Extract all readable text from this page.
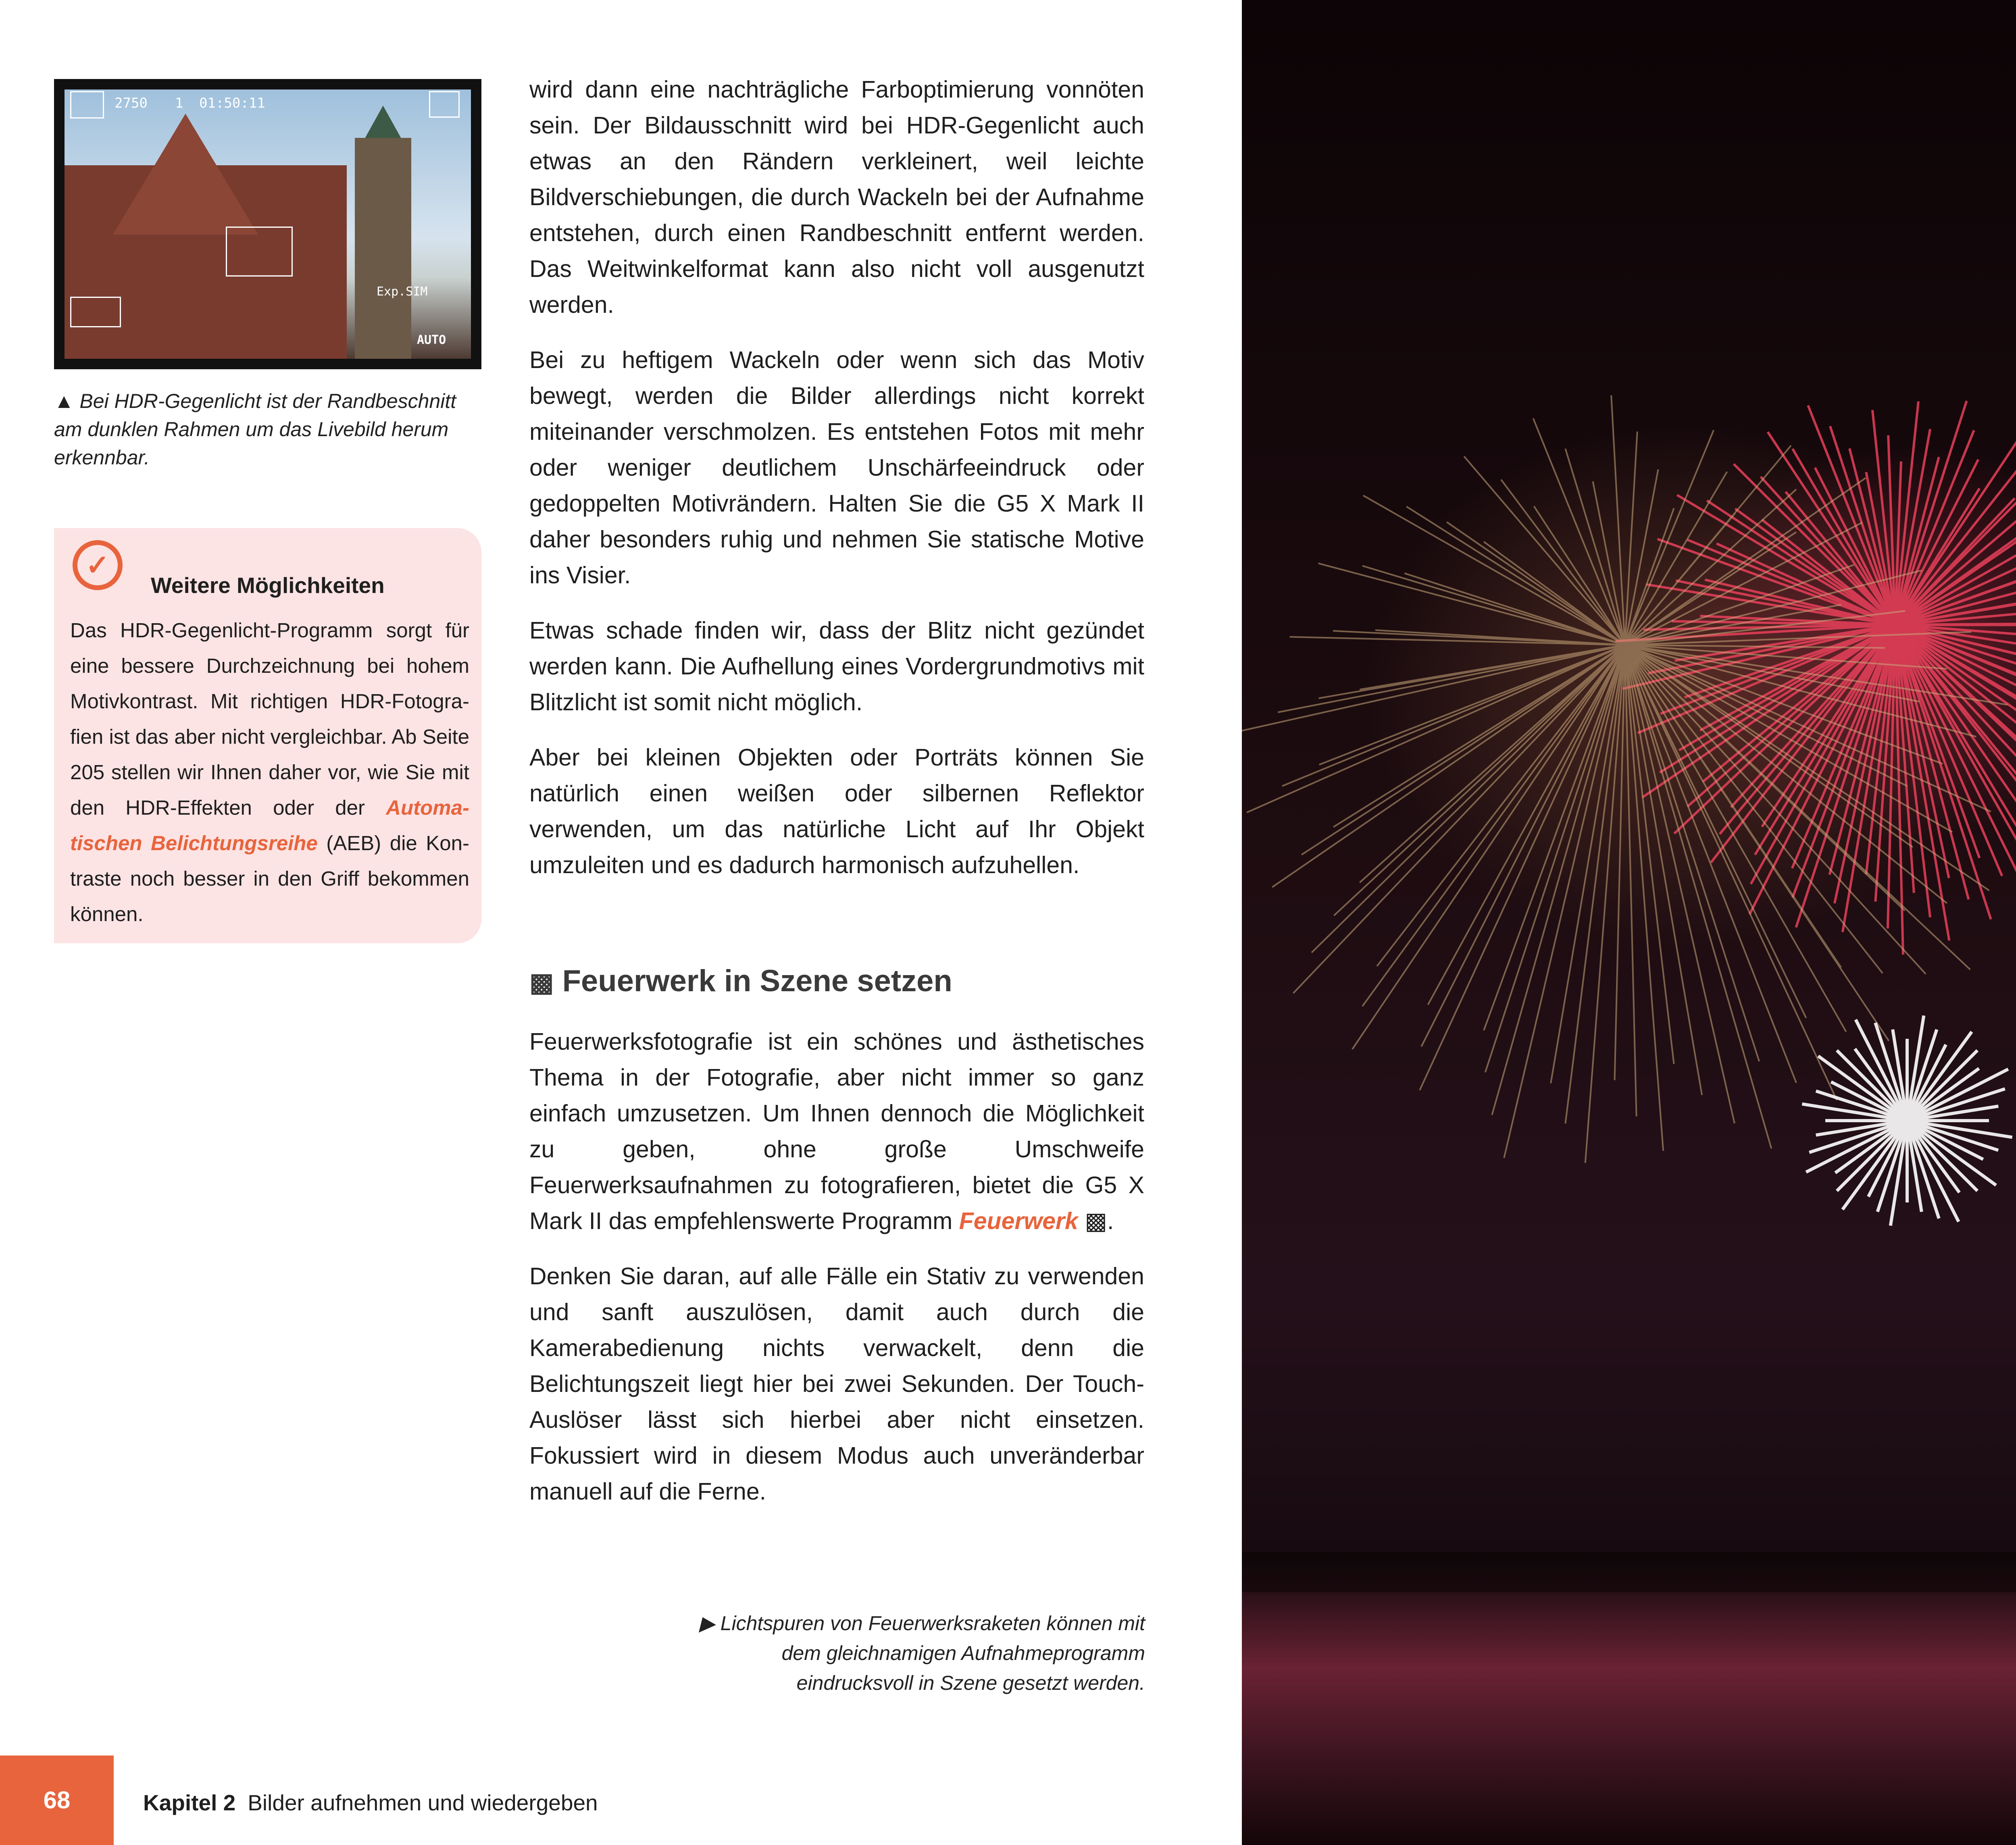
2750 1 01:50:11
Exp.SIM
AUTO
▲ Bei HDR-Gegenlicht ist der Randbeschnitt am dunklen Rahmen um das Livebild herum erkennbar.
✓
Weitere Möglichkeiten
Das HDR-Gegenlicht-Programm sorgt für eine bessere Durchzeichnung bei hohem Motivkontrast. Mit richtigen HDR-Fotografien ist das aber nicht vergleichbar. Ab Seite 205 stellen wir Ihnen daher vor, wie Sie mit den HDR-Effekten oder der Automatischen Belichtungsreihe (AEB) die Kontraste noch besser in den Griff bekommen können.

wird dann eine nachträgliche Farboptimierung vonnöten sein. Der Bildausschnitt wird bei HDR-Gegenlicht auch etwas an den Rändern verkleinert, weil leichte Bildverschiebungen, die durch Wackeln bei der Aufnahme entstehen, durch einen Randbeschnitt entfernt werden. Das Weitwinkelformat kann also nicht voll ausgenutzt werden.

Bei zu heftigem Wackeln oder wenn sich das Motiv bewegt, werden die Bilder allerdings nicht korrekt miteinander verschmolzen. Es entstehen Fotos mit mehr oder weniger deutlichem Unschärfeeindruck oder gedoppelten Motivrändern. Halten Sie die G5 X Mark II daher besonders ruhig und nehmen Sie statische Motive ins Visier.

Etwas schade finden wir, dass der Blitz nicht gezündet werden kann. Die Aufhellung eines Vordergrundmotivs mit Blitzlicht ist somit nicht möglich.

Aber bei kleinen Objekten oder Porträts können Sie natürlich einen weißen oder silbernen Reflektor verwenden, um das natürliche Licht auf Ihr Objekt umzuleiten und es dadurch harmonisch aufzuhellen.

▩ Feuerwerk in Szene setzen

Feuerwerksfotografie ist ein schönes und ästhetisches Thema in der Fotografie, aber nicht immer so ganz einfach umzusetzen. Um Ihnen dennoch die Möglichkeit zu geben, ohne große Umschweife Feuerwerksaufnahmen zu fotografieren, bietet die G5 X Mark II das empfehlenswerte Programm Feuerwerk ▩.

Denken Sie daran, auf alle Fälle ein Stativ zu verwenden und sanft auszulösen, damit auch durch die Kamerabedienung nichts verwackelt, denn die Belichtungszeit liegt hier bei zwei Sekunden. Der Touch-Auslöser lässt sich hierbei aber nicht einsetzen. Fokussiert wird in diesem Modus auch unveränderbar manuell auf die Ferne.

▶ Lichtspuren von Feuerwerksraketen können mit dem gleichnamigen Aufnahmeprogramm eindrucksvoll in Szene gesetzt werden.
68	Kapitel 2 Bilder aufnehmen und wiedergeben
